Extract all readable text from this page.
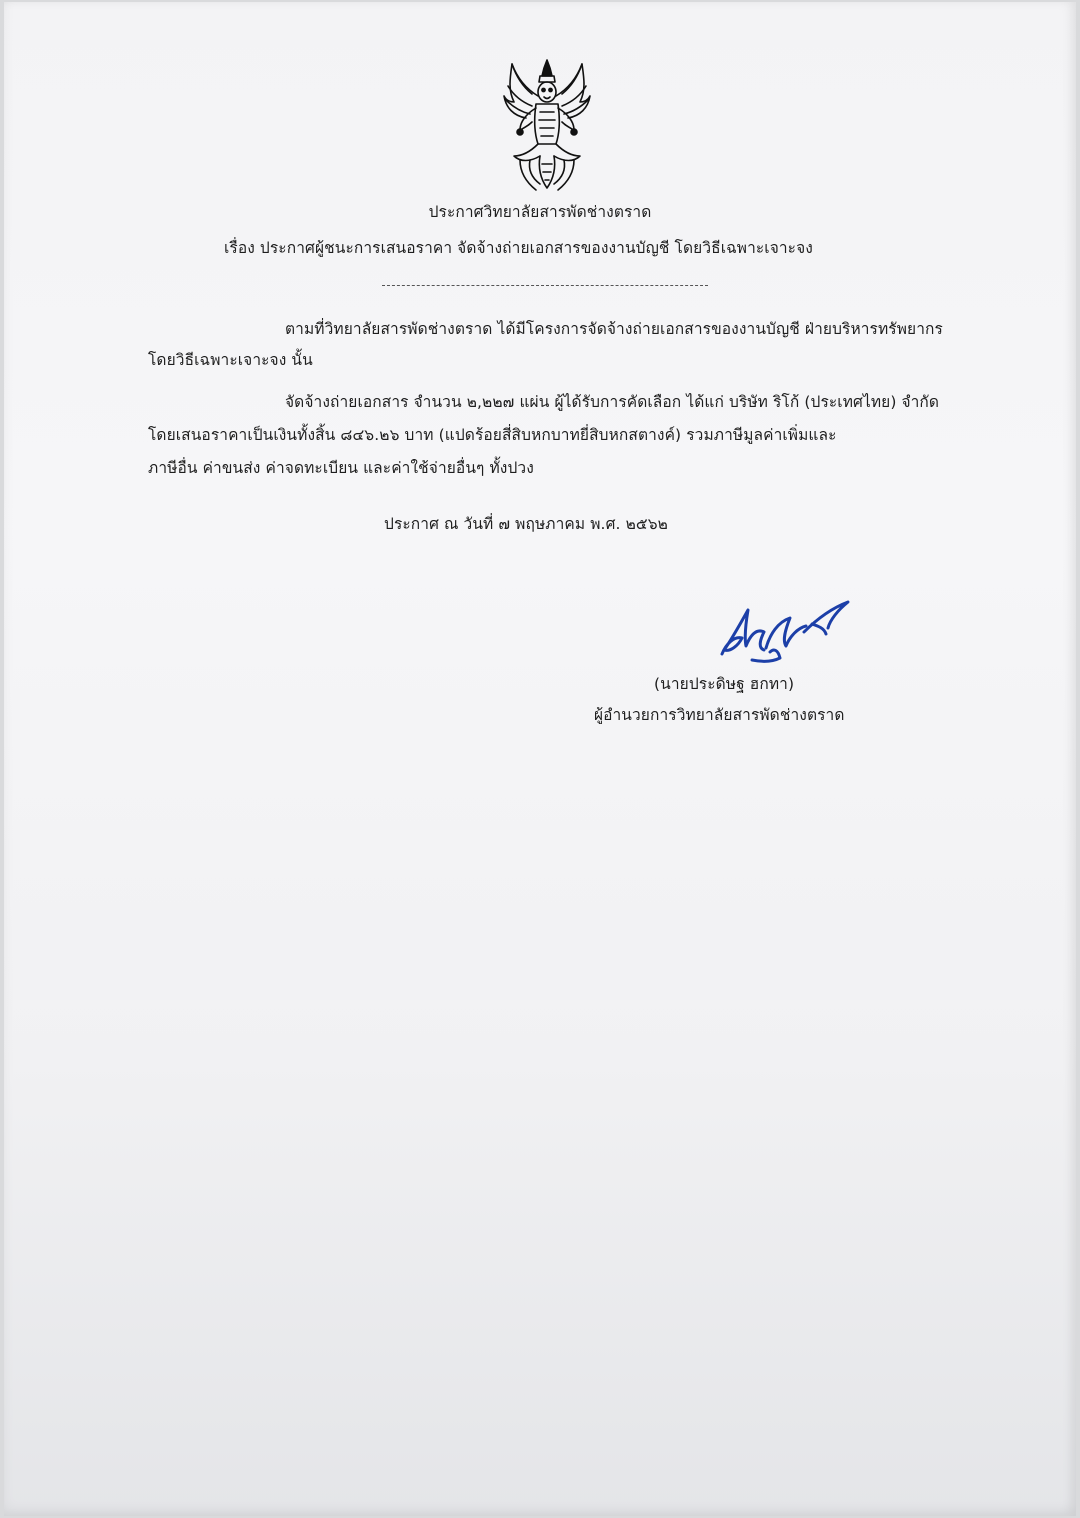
ประกาศวิทยาลัยสารพัดช่างตราด
เรื่อง ประกาศผู้ชนะการเสนอราคา จัดจ้างถ่ายเอกสารของงานบัญชี โดยวิธีเฉพาะเจาะจง
ตามที่วิทยาลัยสารพัดช่างตราด ได้มีโครงการจัดจ้างถ่ายเอกสารของงานบัญชี ฝ่ายบริหารทรัพยากร
โดยวิธีเฉพาะเจาะจง นั้น
จัดจ้างถ่ายเอกสาร จำนวน ๒,๒๒๗ แผ่น ผู้ได้รับการคัดเลือก ได้แก่ บริษัท ริโก้ (ประเทศไทย) จำกัด
โดยเสนอราคาเป็นเงินทั้งสิ้น ๘๔๖.๒๖ บาท (แปดร้อยสี่สิบหกบาทยี่สิบหกสตางค์) รวมภาษีมูลค่าเพิ่มและ
ภาษีอื่น ค่าขนส่ง ค่าจดทะเบียน และค่าใช้จ่ายอื่นๆ ทั้งปวง
ประกาศ ณ วันที่ ๗ พฤษภาคม พ.ศ. ๒๕๖๒
(นายประดิษฐ ฮกทา)
ผู้อำนวยการวิทยาลัยสารพัดช่างตราด
